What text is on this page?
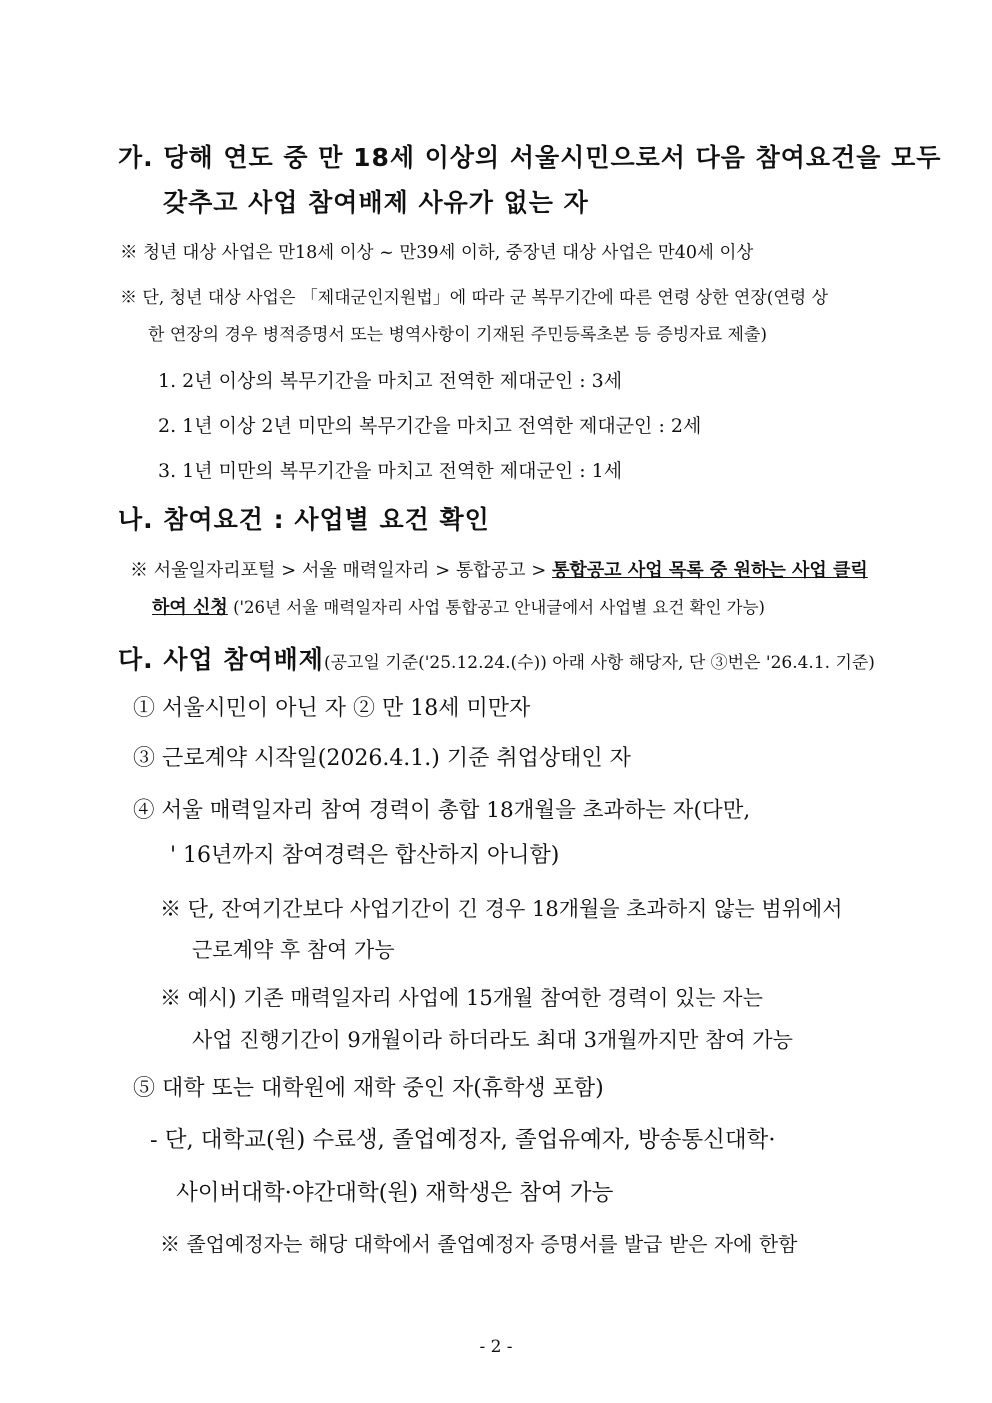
가. 당해 연도 중 만 18세 이상의 서울시민으로서 다음 참여요건을 모두
갖추고 사업 참여배제 사유가 없는 자
※ 청년 대상 사업은 만18세 이상 ~ 만39세 이하, 중장년 대상 사업은 만40세 이상
※ 단, 청년 대상 사업은 「제대군인지원법」에 따라 군 복무기간에 따른 연령 상한 연장(연령 상
한 연장의 경우 병적증명서 또는 병역사항이 기재된 주민등록초본 등 증빙자료 제출)
1. 2년 이상의 복무기간을 마치고 전역한 제대군인 : 3세
2. 1년 이상 2년 미만의 복무기간을 마치고 전역한 제대군인 : 2세
3. 1년 미만의 복무기간을 마치고 전역한 제대군인 : 1세
나. 참여요건 : 사업별 요건 확인
※ 서울일자리포털 > 서울 매력일자리 > 통합공고 > 통합공고 사업 목록 중 원하는 사업 클릭
하여 신청 ('26년 서울 매력일자리 사업 통합공고 안내글에서 사업별 요건 확인 가능)
다. 사업 참여배제(공고일 기준('25.12.24.(수)) 아래 사항 해당자, 단 ③번은 '26.4.1. 기준)
① 서울시민이 아닌 자 ② 만 18세 미만자
③ 근로계약 시작일(2026.4.1.) 기준 취업상태인 자
④ 서울 매력일자리 참여 경력이 총합 18개월을 초과하는 자(다만,
' 16년까지 참여경력은 합산하지 아니함)
※ 단, 잔여기간보다 사업기간이 긴 경우 18개월을 초과하지 않는 범위에서
근로계약 후 참여 가능
※ 예시) 기존 매력일자리 사업에 15개월 참여한 경력이 있는 자는
사업 진행기간이 9개월이라 하더라도 최대 3개월까지만 참여 가능
⑤ 대학 또는 대학원에 재학 중인 자(휴학생 포함)
- 단, 대학교(원) 수료생, 졸업예정자, 졸업유예자, 방송통신대학·
사이버대학·야간대학(원) 재학생은 참여 가능
※ 졸업예정자는 해당 대학에서 졸업예정자 증명서를 발급 받은 자에 한함
- 2 -
